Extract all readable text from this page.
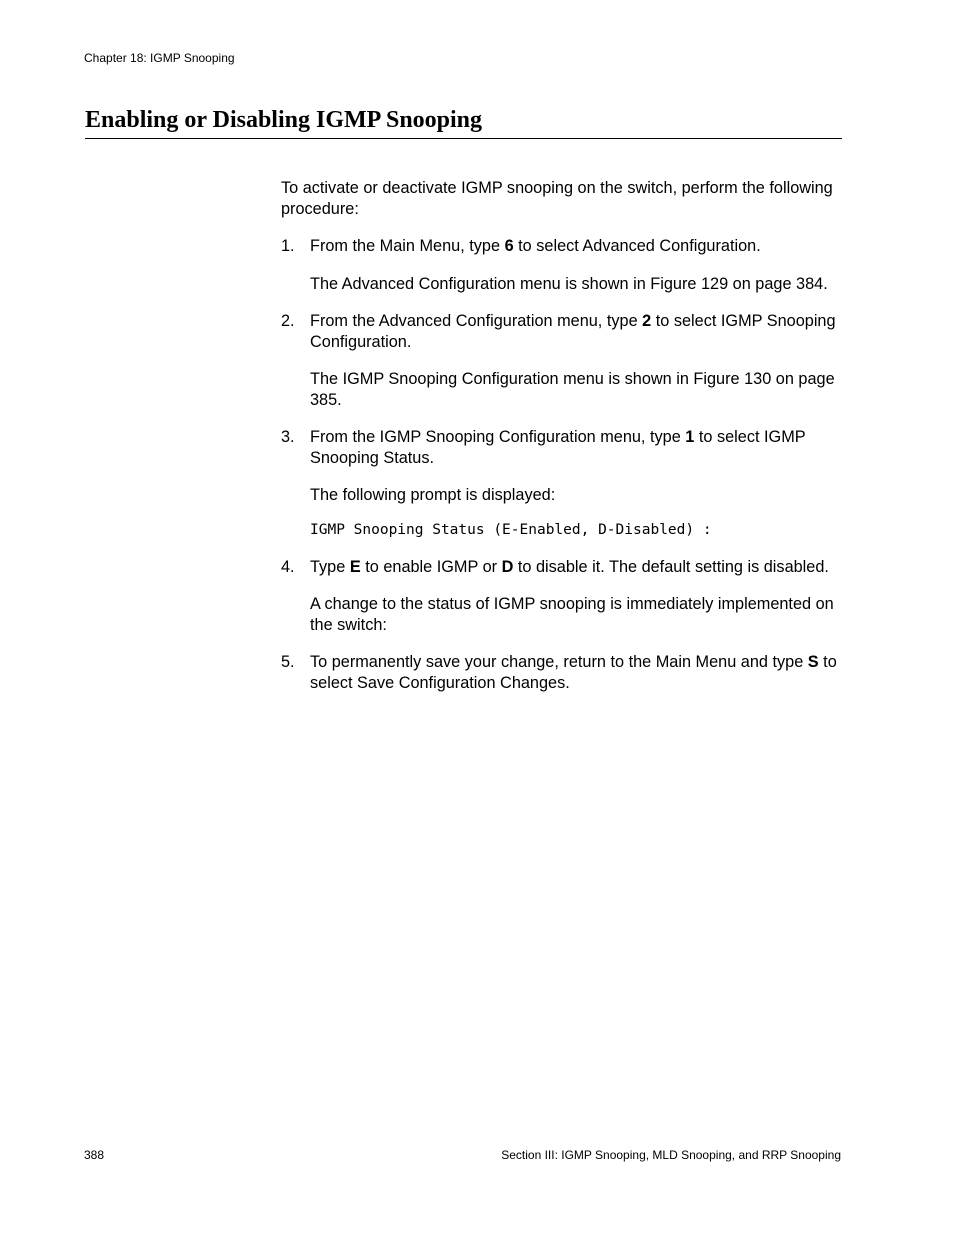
Chapter 18: IGMP Snooping
Enabling or Disabling IGMP Snooping

To activate or deactivate IGMP snooping on the switch, perform the following procedure:

1. From the Main Menu, type 6 to select Advanced Configuration.

The Advanced Configuration menu is shown in Figure 129 on page 384.

2. From the Advanced Configuration menu, type 2 to select IGMP Snooping Configuration.

The IGMP Snooping Configuration menu is shown in Figure 130 on page 385.

3. From the IGMP Snooping Configuration menu, type 1 to select IGMP Snooping Status.

The following prompt is displayed:

IGMP Snooping Status (E-Enabled, D-Disabled) :

4. Type E to enable IGMP or D to disable it. The default setting is disabled.

A change to the status of IGMP snooping is immediately implemented on the switch:

5. To permanently save your change, return to the Main Menu and type S to select Save Configuration Changes.

388	Section III: IGMP Snooping, MLD Snooping, and RRP Snooping
